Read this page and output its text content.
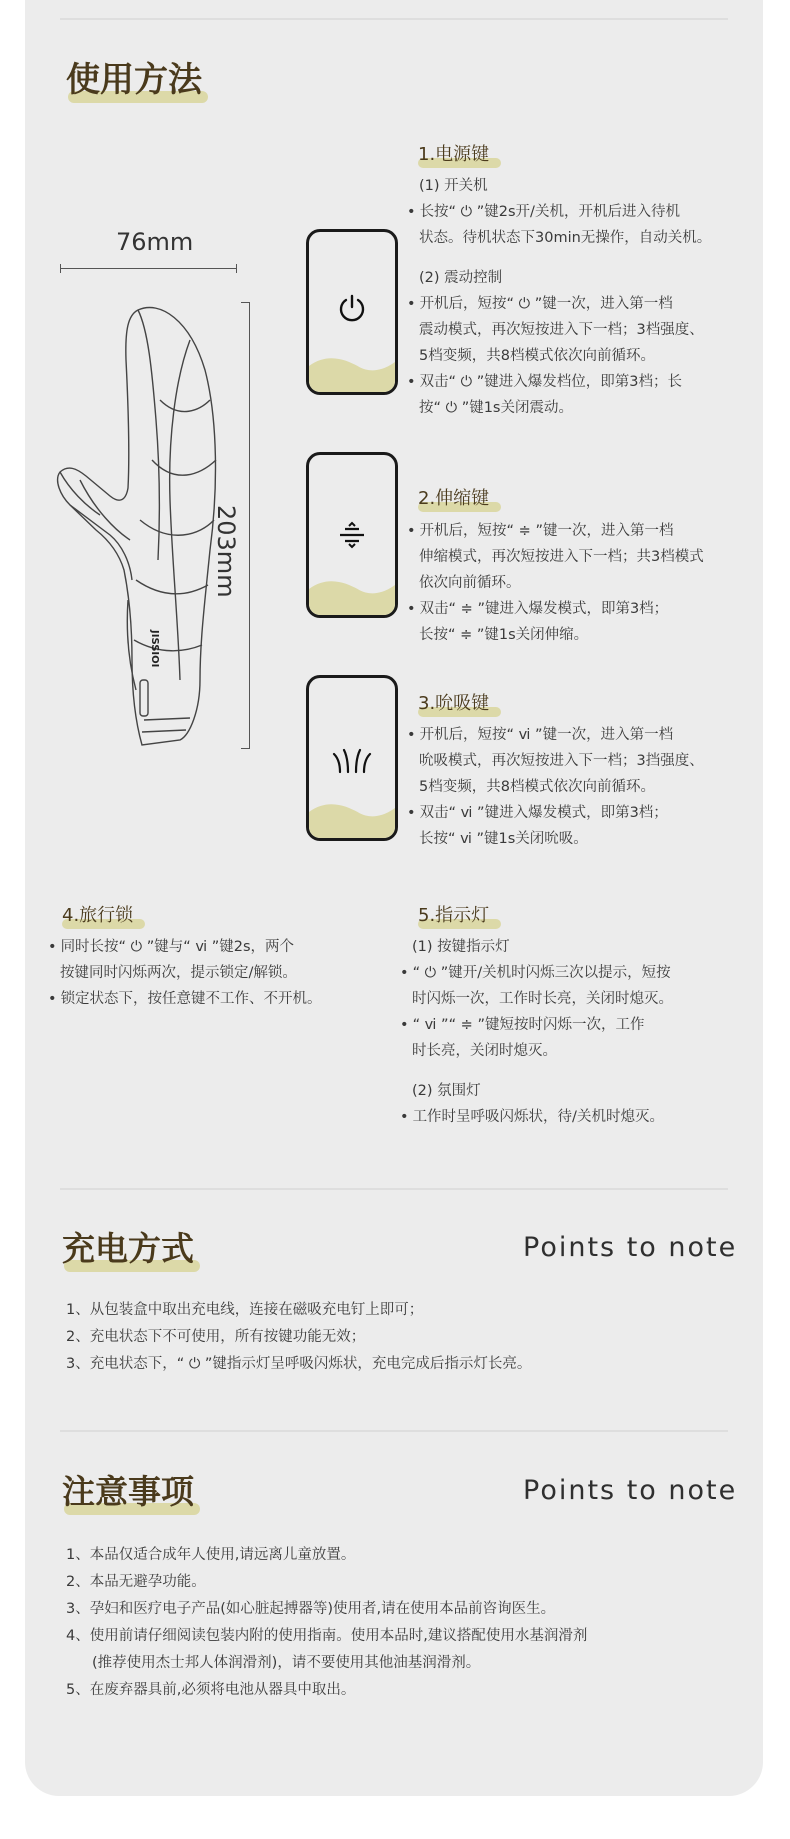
使用方法
76mm
203mm
JISSIOI
1.电源键
(1) 开关机
• 长按“ ⏻ ”键2s开/关机，开机后进入待机
状态。待机状态下30min无操作，自动关机。
(2) 震动控制
• 开机后，短按“ ⏻ ”键一次，进入第一档
震动模式，再次短按进入下一档；3档强度、
5档变频，共8档模式依次向前循环。
• 双击“ ⏻ ”键进入爆发档位，即第3档；长
按“ ⏻ ”键1s关闭震动。
2.伸缩键
• 开机后，短按“ ≑ ”键一次，进入第一档
伸缩模式，再次短按进入下一档；共3档模式
依次向前循环。
• 双击“ ≑ ”键进入爆发模式，即第3档；
长按“ ≑ ”键1s关闭伸缩。
3.吮吸键
• 开机后，短按“ ⅵ ”键一次，进入第一档
吮吸模式，再次短按进入下一档；3挡强度、
5档变频，共8档模式依次向前循环。
• 双击“ ⅵ ”键进入爆发模式，即第3档；
长按“ ⅵ ”键1s关闭吮吸。
4.旅行锁
• 同时长按“ ⏻ ”键与“ ⅵ ”键2s，两个
按键同时闪烁两次，提示锁定/解锁。
• 锁定状态下，按任意键不工作、不开机。
5.指示灯
(1) 按键指示灯
• “ ⏻ ”键开/关机时闪烁三次以提示，短按
时闪烁一次，工作时长亮，关闭时熄灭。
• “ ⅵ ”“ ≑ ”键短按时闪烁一次，工作
时长亮，关闭时熄灭。
(2) 氛围灯
• 工作时呈呼吸闪烁状，待/关机时熄灭。
充电方式	Points to note
1、从包装盒中取出充电线，连接在磁吸充电钉上即可；
2、充电状态下不可使用，所有按键功能无效；
3、充电状态下，“ ⏻ ”键指示灯呈呼吸闪烁状，充电完成后指示灯长亮。
注意事项	Points to note
1、本品仅适合成年人使用,请远离儿童放置。
2、本品无避孕功能。
3、孕妇和医疗电子产品(如心脏起搏器等)使用者,请在使用本品前咨询医生。
4、使用前请仔细阅读包装内附的使用指南。使用本品时,建议搭配使用水基润滑剂
(推荐使用杰士邦人体润滑剂)，请不要使用其他油基润滑剂。
5、在废弃器具前,必须将电池从器具中取出。
